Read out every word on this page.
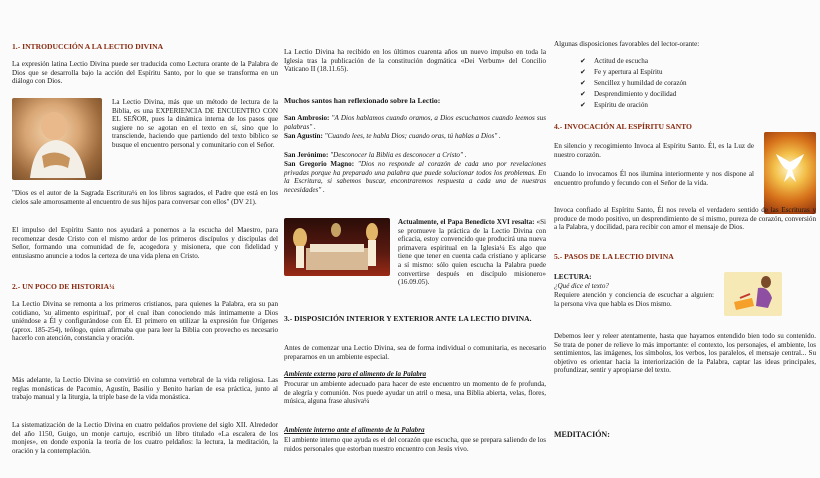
1.- INTRODUCCIÓN A LA LECTIO DIVINA

La expresión latina Lectio Divina puede ser traducida como Lectura orante de la Palabra de Dios que se desarrolla bajo la acción del Espíritu Santo, por lo que se transforma en un diálogo con Dios.

La Lectio Divina, más que un método de lectura de la Biblia, es una EXPERIENCIA DE ENCUENTRO CON EL SEÑOR, pues la dinámica interna de los pasos que sugiere no se agotan en el texto en sí, sino que lo transciende, haciendo que partiendo del texto bíblico se busque el encuentro personal y comunitario con el Señor.

"Dios es el autor de la Sagrada Escritura¼ en los libros sagrados, el Padre que está en los cielos sale amorosamente al encuentro de sus hijos para conversar con ellos" (DV 21).

El impulso del Espíritu Santo nos ayudará a ponernos a la escucha del Maestro, para recomenzar desde Cristo con el mismo ardor de los primeros discípulos y discípulas del Señor, formando una comunidad de fe, acogedora y misionera, que con fidelidad y entusiasmo anuncie a todos la certeza de una vida plena en Cristo.

2.- UN POCO DE HISTORIA¼

La Lectio Divina se remonta a los primeros cristianos, para quienes la Palabra, era su pan cotidiano, 'su alimento espiritual', por el cual iban conociendo más íntimamente a Dios uniéndose a Él y configurándose con Él. El primero en utilizar la expresión fue Orígenes (aprox. 185-254), teólogo, quien afirmaba que para leer la Biblia con provecho es necesario hacerlo con atención, constancia y oración.

Más adelante, la Lectio Divina se convirtió en columna vertebral de la vida religiosa. Las reglas monásticas de Pacomio, Agustín, Basilio y Benito harían de esa práctica, junto al trabajo manual y la liturgia, la triple base de la vida monástica.

La sistematización de la Lectio Divina en cuatro peldaños proviene del siglo XII. Alrededor del año 1150, Guigo, un monje cartujo, escribió un libro titulado «La escalera de los monjes», en donde exponía la teoría de los cuatro peldaños: la lectura, la meditación, la oración y la contemplación.

La Lectio Divina ha recibido en los últimos cuarenta años un nuevo impulso en toda la Iglesia tras la publicación de la constitución dogmática «Dei Verbum» del Concilio Vaticano II (18.11.65).

Muchos santos han reflexionado sobre la Lectio:

San Ambrosio: "A Dios hablamos cuando oramos, a Dios escuchamos cuando leemos sus palabras" .

San Agustín: "Cuando lees, te habla Dios; cuando oras, tú hablas a Dios" .

San Jerónimo: "Desconocer la Biblia es desconocer a Cristo" .

San Gregorio Magno: "Dios no responde al corazón de cada uno por revelaciones privadas porque ha preparado una palabra que puede solucionar todos los problemas. En la Escritura, si sabemos buscar, encontraremos respuesta a cada una de nuestras necesidades" .

Actualmente, el Papa Benedicto XVI resalta: «Si se promueve la práctica de la Lectio Divina con eficacia, estoy convencido que producirá una nueva primavera espiritual en la Iglesia¼ Es algo que tiene que tener en cuenta cada cristiano y aplicarse a sí mismo: sólo quien escucha la Palabra puede convertirse después en discípulo misionero» (16.09.05).

3.- DISPOSICIÓN INTERIOR Y EXTERIOR ANTE LA LECTIO DIVINA.

Antes de comenzar una Lectio Divina, sea de forma individual o comunitaria, es necesario prepararnos en un ambiente especial.

Ambiente externo para el alimento de la Palabra

Procurar un ambiente adecuado para hacer de este encuentro un momento de fe profunda, de alegría y comunión. Nos puede ayudar un atril o mesa, una Biblia abierta, velas, flores, música, alguna frase alusiva¼

Ambiente interno ante el alimento de la Palabra

El ambiente interno que ayuda es el del corazón que escucha, que se prepara saliendo de los ruidos personales que estorban nuestro encuentro con Jesús vivo.

Algunas disposiciones favorables del lector-orante:

✔ Actitud de escucha
✔ Fe y apertura al Espíritu
✔ Sencillez y humildad de corazón
✔ Desprendimiento y docilidad
✔ Espíritu de oración

4.- INVOCACIÓN AL ESPÍRITU SANTO

En silencio y recogimiento Invoca al Espíritu Santo. Él, es la Luz de nuestro corazón.

Cuando lo invocamos Él nos ilumina interiormente y nos dispone al encuentro profundo y fecundo con el Señor de la vida.

Invoca confiado al Espíritu Santo, Él nos revela el verdadero sentido de las Escrituras y produce de modo positivo, un desprendimiento de sí mismo, pureza de corazón, conversión a la Palabra, y docilidad, para recibir con amor el mensaje de Dios.

5.- PASOS DE LA LECTIO DIVINA

LECTURA:

¿Qué dice el texto?

Requiere atención y conciencia de escuchar a alguien: la persona viva que habla es Dios mismo.

Debemos leer y releer atentamente, hasta que hayamos entendido bien todo su contenido. Se trata de poner de relieve lo más importante: el contexto, los personajes, el ambiente, los sentimientos, las imágenes, los símbolos, los verbos, los paralelos, el mensaje central... Su objetivo es orientar hacia la interiorización de la Palabra, captar las ideas principales, profundizar, sentir y apropiarse del texto.

MEDITACIÓN:
